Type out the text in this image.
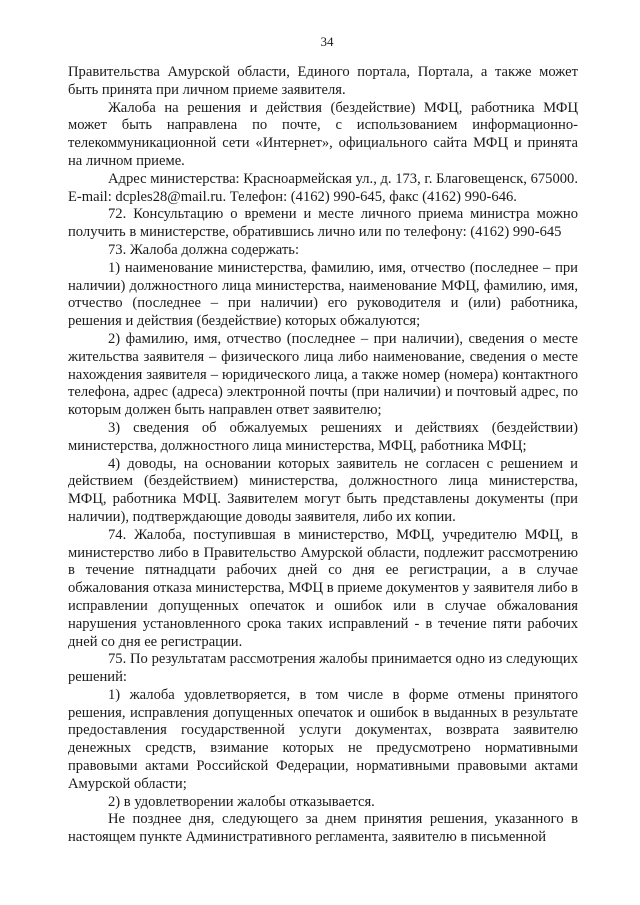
34

Правительства Амурской области, Единого портала, Портала, а также может быть принята при личном приеме заявителя.

Жалоба на решения и действия (бездействие) МФЦ, работника МФЦ может быть направлена по почте, с использованием информационно-телекоммуникационной сети «Интернет», официального сайта МФЦ и принята на личном приеме.

Адрес министерства: Красноармейская ул., д. 173, г. Благовещенск, 675000. E-mail: dcples28@mail.ru. Телефон: (4162) 990-645, факс (4162) 990-646.

72. Консультацию о времени и месте личного приема министра можно получить в министерстве, обратившись лично или по телефону: (4162) 990-645

73. Жалоба должна содержать:

1) наименование министерства, фамилию, имя, отчество (последнее – при наличии) должностного лица министерства, наименование МФЦ, фамилию, имя, отчество (последнее – при наличии) его руководителя и (или) работника, решения и действия (бездействие) которых обжалуются;

2) фамилию, имя, отчество (последнее – при наличии), сведения о месте жительства заявителя – физического лица либо наименование, сведения о месте нахождения заявителя – юридического лица, а также номер (номера) контактного телефона, адрес (адреса) электронной почты (при наличии) и почтовый адрес, по которым должен быть направлен ответ заявителю;

3) сведения об обжалуемых решениях и действиях (бездействии) министерства, должностного лица министерства, МФЦ, работника МФЦ;

4) доводы, на основании которых заявитель не согласен с решением и действием (бездействием) министерства, должностного лица министерства, МФЦ, работника МФЦ. Заявителем могут быть представлены документы (при наличии), подтверждающие доводы заявителя, либо их копии.

74. Жалоба, поступившая в министерство, МФЦ, учредителю МФЦ, в министерство либо в Правительство Амурской области, подлежит рассмотрению в течение пятнадцати рабочих дней со дня ее регистрации, а в случае обжалования отказа министерства, МФЦ в приеме документов у заявителя либо в исправлении допущенных опечаток и ошибок или в случае обжалования нарушения установленного срока таких исправлений - в течение пяти рабочих дней со дня ее регистрации.

75. По результатам рассмотрения жалобы принимается одно из следующих решений:

1) жалоба удовлетворяется, в том числе в форме отмены принятого решения, исправления допущенных опечаток и ошибок в выданных в результате предоставления государственной услуги документах, возврата заявителю денежных средств, взимание которых не предусмотрено нормативными правовыми актами Российской Федерации, нормативными правовыми актами Амурской области;

2) в удовлетворении жалобы отказывается.

Не позднее дня, следующего за днем принятия решения, указанного в настоящем пункте Административного регламента, заявителю в письменной
